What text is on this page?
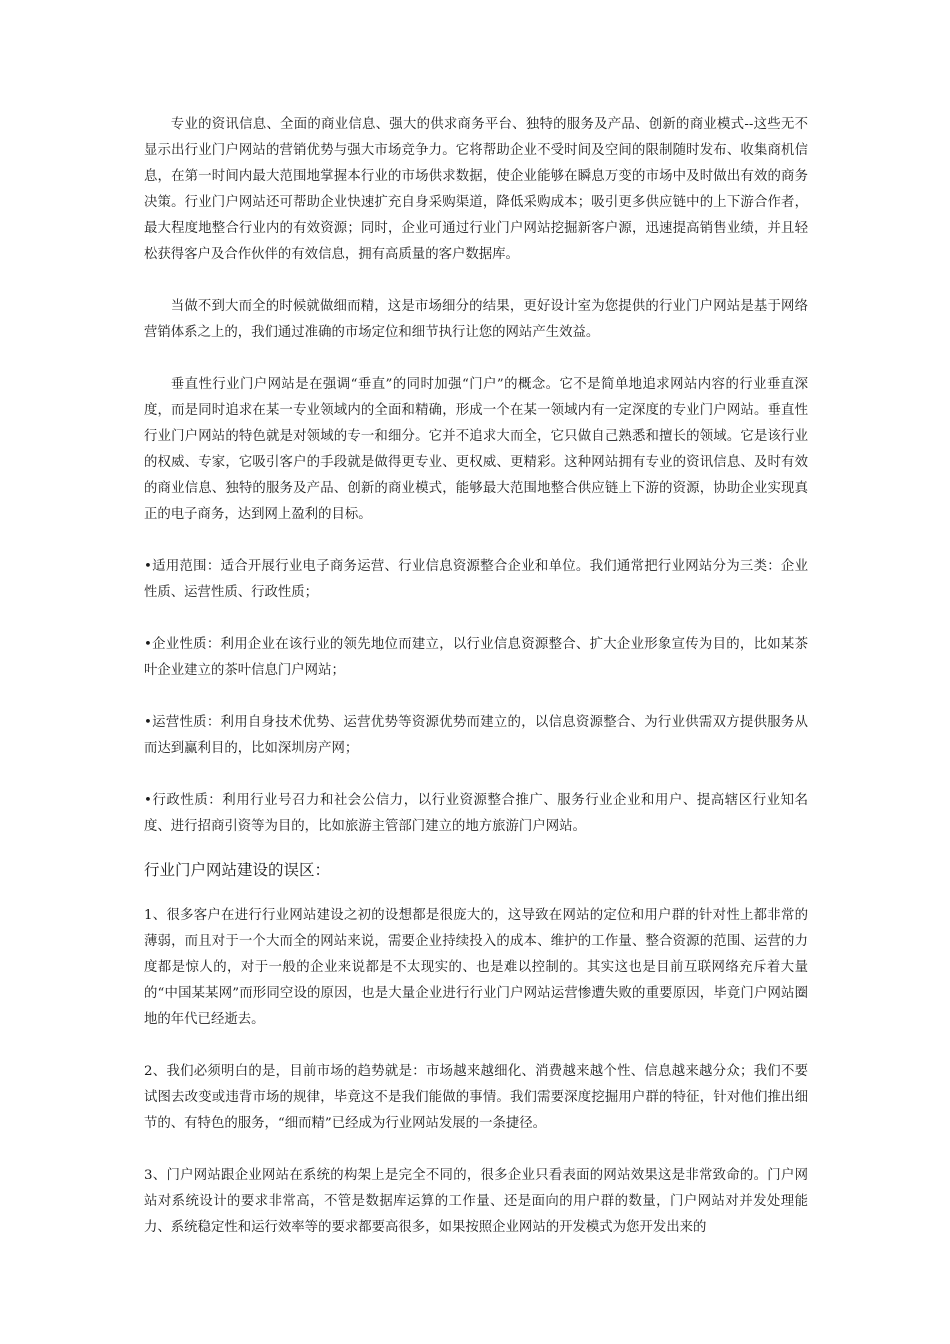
专业的资讯信息、全面的商业信息、强大的供求商务平台、独特的服务及产品、创新的商业模式--这些无不显示出行业门户网站的营销优势与强大市场竞争力。它将帮助企业不受时间及空间的限制随时发布、收集商机信息，在第一时间内最大范围地掌握本行业的市场供求数据，使企业能够在瞬息万变的市场中及时做出有效的商务决策。行业门户网站还可帮助企业快速扩充自身采购渠道，降低采购成本；吸引更多供应链中的上下游合作者，最大程度地整合行业内的有效资源；同时，企业可通过行业门户网站挖掘新客户源，迅速提高销售业绩，并且轻松获得客户及合作伙伴的有效信息，拥有高质量的客户数据库。

当做不到大而全的时候就做细而精，这是市场细分的结果，更好设计室为您提供的行业门户网站是基于网络营销体系之上的，我们通过准确的市场定位和细节执行让您的网站产生效益。

垂直性行业门户网站是在强调“垂直”的同时加强“门户”的概念。它不是简单地追求网站内容的行业垂直深度，而是同时追求在某一专业领域内的全面和精确，形成一个在某一领域内有一定深度的专业门户网站。垂直性行业门户网站的特色就是对领域的专一和细分。它并不追求大而全，它只做自己熟悉和擅长的领域。它是该行业的权威、专家，它吸引客户的手段就是做得更专业、更权威、更精彩。这种网站拥有专业的资讯信息、及时有效的商业信息、独特的服务及产品、创新的商业模式，能够最大范围地整合供应链上下游的资源，协助企业实现真正的电子商务，达到网上盈利的目标。

•适用范围：适合开展行业电子商务运营、行业信息资源整合企业和单位。我们通常把行业网站分为三类：企业性质、运营性质、行政性质；

•企业性质：利用企业在该行业的领先地位而建立，以行业信息资源整合、扩大企业形象宣传为目的，比如某茶叶企业建立的茶叶信息门户网站；

•运营性质：利用自身技术优势、运营优势等资源优势而建立的，以信息资源整合、为行业供需双方提供服务从而达到赢利目的，比如深圳房产网；

•行政性质：利用行业号召力和社会公信力，以行业资源整合推广、服务行业企业和用户、提高辖区行业知名度、进行招商引资等为目的，比如旅游主管部门建立的地方旅游门户网站。

行业门户网站建设的误区：

1、很多客户在进行行业网站建设之初的设想都是很庞大的，这导致在网站的定位和用户群的针对性上都非常的薄弱，而且对于一个大而全的网站来说，需要企业持续投入的成本、维护的工作量、整合资源的范围、运营的力度都是惊人的，对于一般的企业来说都是不太现实的、也是难以控制的。其实这也是目前互联网络充斥着大量的“中国某某网”而形同空设的原因，也是大量企业进行行业门户网站运营惨遭失败的重要原因，毕竟门户网站圈地的年代已经逝去。

2、我们必须明白的是，目前市场的趋势就是：市场越来越细化、消费越来越个性、信息越来越分众；我们不要试图去改变或违背市场的规律，毕竟这不是我们能做的事情。我们需要深度挖掘用户群的特征，针对他们推出细节的、有特色的服务，“细而精”已经成为行业网站发展的一条捷径。

3、门户网站跟企业网站在系统的构架上是完全不同的，很多企业只看表面的网站效果这是非常致命的。门户网站对系统设计的要求非常高，不管是数据库运算的工作量、还是面向的用户群的数量，门户网站对并发处理能力、系统稳定性和运行效率等的要求都要高很多，如果按照企业网站的开发模式为您开发出来的
